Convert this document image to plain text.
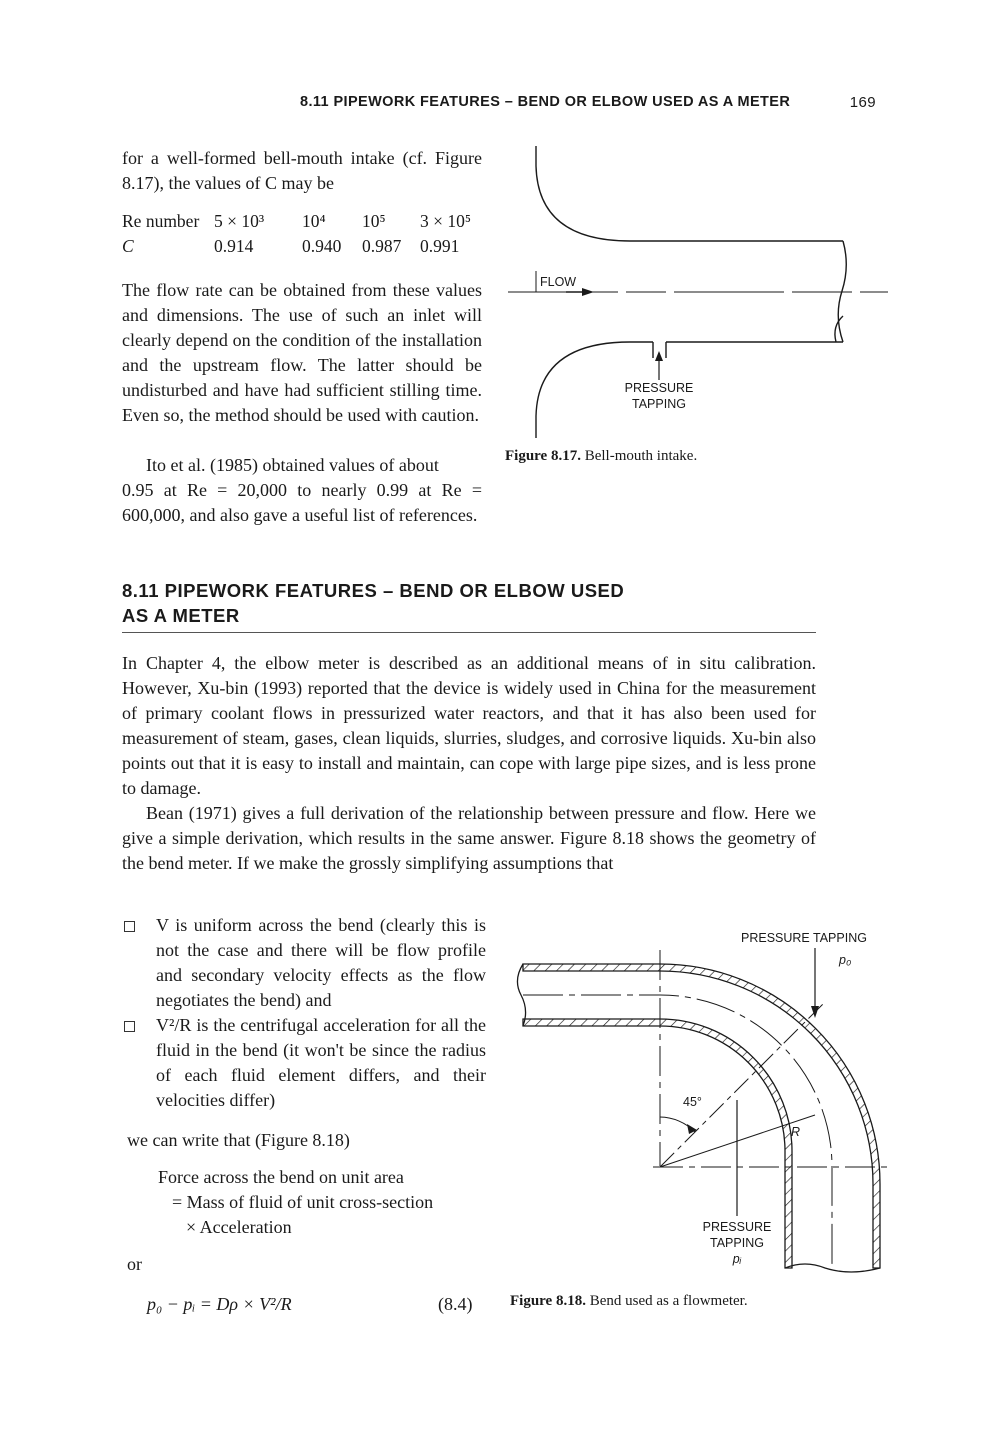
8.11 PIPEWORK FEATURES – BEND OR ELBOW USED AS A METER	169

for a well-formed bell-mouth intake (cf. Figure 8.17), the values of C may be

Re number	5 × 10³	10⁴	10⁵	3 × 10⁵
C	0.914	0.940	0.987	0.991

The flow rate can be obtained from these values and dimensions. The use of such an inlet will clearly depend on the condition of the installation and the upstream flow. The latter should be undisturbed and have had sufficient stilling time. Even so, the method should be used with caution.

Ito et al. (1985) obtained values of about

0.95 at Re = 20,000 to nearly 0.99 at Re = 600,000, and also gave a useful list of references.

FLOW
PRESSURE
TAPPING
Figure 8.17. Bell-mouth intake.
8.11 PIPEWORK FEATURES – BEND OR ELBOW USED
AS A METER

In Chapter 4, the elbow meter is described as an additional means of in situ calibration. However, Xu-bin (1993) reported that the device is widely used in China for the measurement of primary coolant flows in pressurized water reactors, and that it has also been used for measurement of steam, gases, clean liquids, slurries, sludges, and corrosive liquids. Xu-bin also points out that it is easy to install and maintain, can cope with large pipe sizes, and is less prone to damage.

Bean (1971) gives a full derivation of the relationship between pressure and flow. Here we give a simple derivation, which results in the same answer. Figure 8.18 shows the geometry of the bend meter. If we make the grossly simplifying assumptions that

V is uniform across the bend (clearly this is not the case and there will be flow profile and secondary velocity effects as the flow negotiates the bend) and
V²/R is the centrifugal acceleration for all the fluid in the bend (it won't be since the radius of each fluid element differs, and their velocities differ)
we can write that (Figure 8.18)
Force across the bend on unit area
= Mass of fluid of unit cross-section
× Acceleration
or
p₀ − pᵢ = Dρ × V²/R	(8.4)
PRESSURE TAPPING
p₀
45°
R
PRESSURE
TAPPING
pᵢ
Figure 8.18. Bend used as a flowmeter.
